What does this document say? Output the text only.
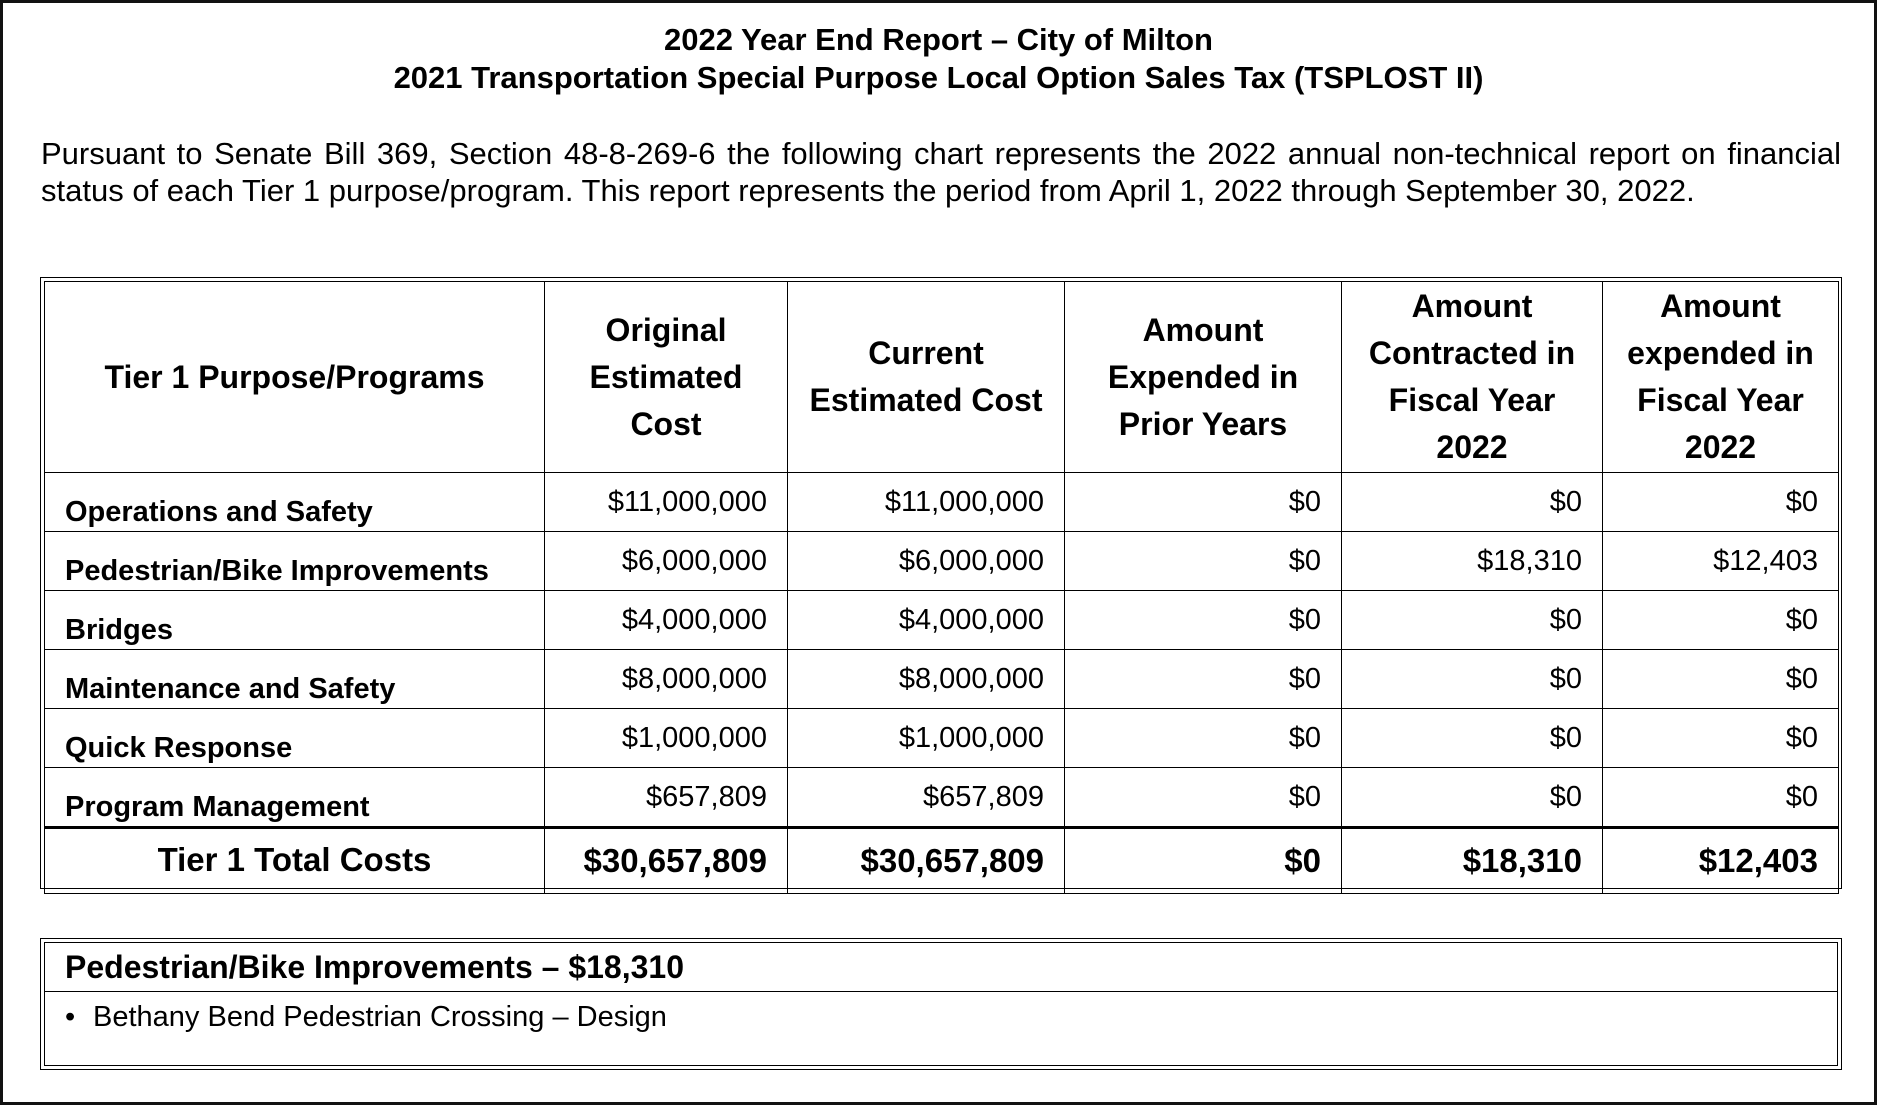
2022 Year End Report – City of Milton
2021 Transportation Special Purpose Local Option Sales Tax (TSPLOST II)
Pursuant to Senate Bill 369, Section 48-8-269-6 the following chart represents the 2022 annual non-technical report on financial status of each Tier 1 purpose/program. This report represents the period from April 1, 2022 through September 30, 2022.
Tier 1 Purpose/Programs	Original Estimated Cost	Current Estimated Cost	Amount Expended in Prior Years	Amount Contracted in Fiscal Year 2022	Amount expended in Fiscal Year 2022
Operations and Safety	$11,000,000	$11,000,000	$0	$0	$0
Pedestrian/Bike Improvements	$6,000,000	$6,000,000	$0	$18,310	$12,403
Bridges	$4,000,000	$4,000,000	$0	$0	$0
Maintenance and Safety	$8,000,000	$8,000,000	$0	$0	$0
Quick Response	$1,000,000	$1,000,000	$0	$0	$0
Program Management	$657,809	$657,809	$0	$0	$0
Tier 1 Total Costs	$30,657,809	$30,657,809	$0	$18,310	$12,403
Pedestrian/Bike Improvements – $18,310
• Bethany Bend Pedestrian Crossing – Design
